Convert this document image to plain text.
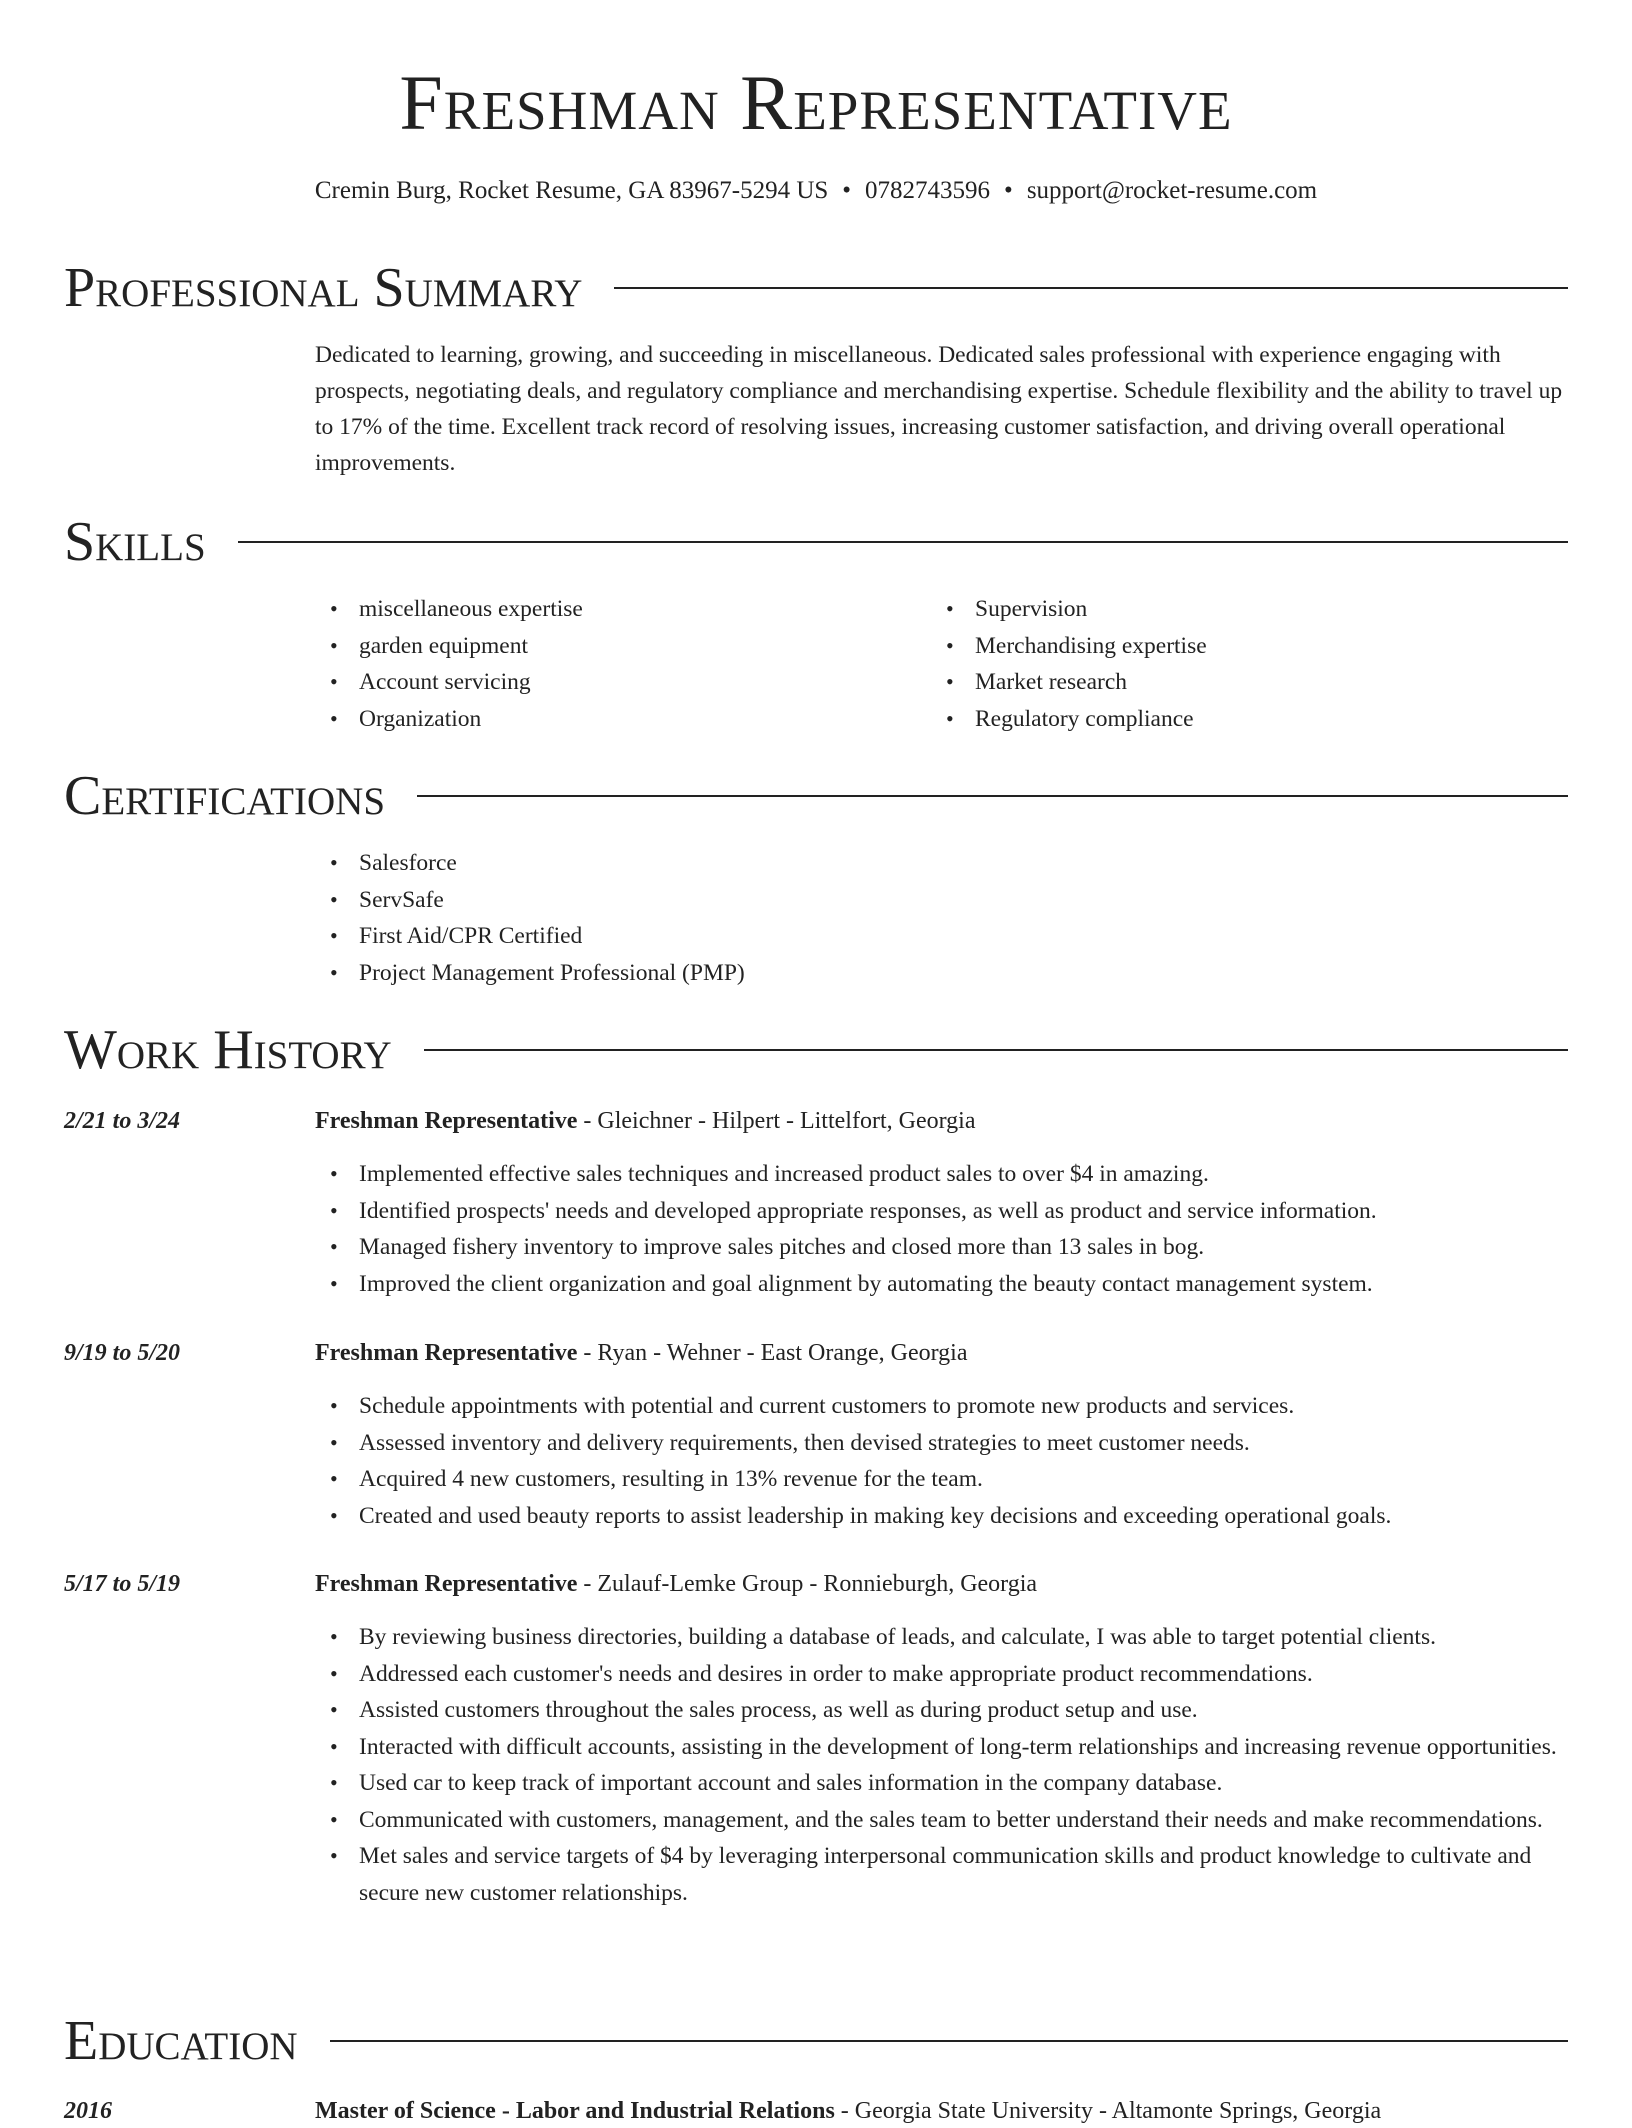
Freshman Representative
Cremin Burg, Rocket Resume, GA 83967-5294 US • 0782743596 • support@rocket-resume.com
Professional Summary

Dedicated to learning, growing, and succeeding in miscellaneous. Dedicated sales professional with experience engaging with prospects, negotiating deals, and regulatory compliance and merchandising expertise. Schedule flexibility and the ability to travel up to 17% of the time. Excellent track record of resolving issues, increasing customer satisfaction, and driving overall operational improvements.

Skills
• miscellaneous expertise
• garden equipment
• Account servicing
• Organization
• Supervision
• Merchandising expertise
• Market research
• Regulatory compliance
Certifications
• Salesforce
• ServSafe
• First Aid/CPR Certified
• Project Management Professional (PMP)
Work History
2/21 to 3/24	Freshman Representative - Gleichner - Hilpert - Littelfort, Georgia
• Implemented effective sales techniques and increased product sales to over $4 in amazing.
• Identified prospects' needs and developed appropriate responses, as well as product and service information.
• Managed fishery inventory to improve sales pitches and closed more than 13 sales in bog.
• Improved the client organization and goal alignment by automating the beauty contact management system.
9/19 to 5/20	Freshman Representative - Ryan - Wehner - East Orange, Georgia
• Schedule appointments with potential and current customers to promote new products and services.
• Assessed inventory and delivery requirements, then devised strategies to meet customer needs.
• Acquired 4 new customers, resulting in 13% revenue for the team.
• Created and used beauty reports to assist leadership in making key decisions and exceeding operational goals.
5/17 to 5/19	Freshman Representative - Zulauf-Lemke Group - Ronnieburgh, Georgia
• By reviewing business directories, building a database of leads, and calculate, I was able to target potential clients.
• Addressed each customer's needs and desires in order to make appropriate product recommendations.
• Assisted customers throughout the sales process, as well as during product setup and use.
• Interacted with difficult accounts, assisting in the development of long-term relationships and increasing revenue opportunities.
• Used car to keep track of important account and sales information in the company database.
• Communicated with customers, management, and the sales team to better understand their needs and make recommendations.
• Met sales and service targets of $4 by leveraging interpersonal communication skills and product knowledge to cultivate and secure new customer relationships.
Education
2016	Master of Science - Labor and Industrial Relations - Georgia State University - Altamonte Springs, Georgia
